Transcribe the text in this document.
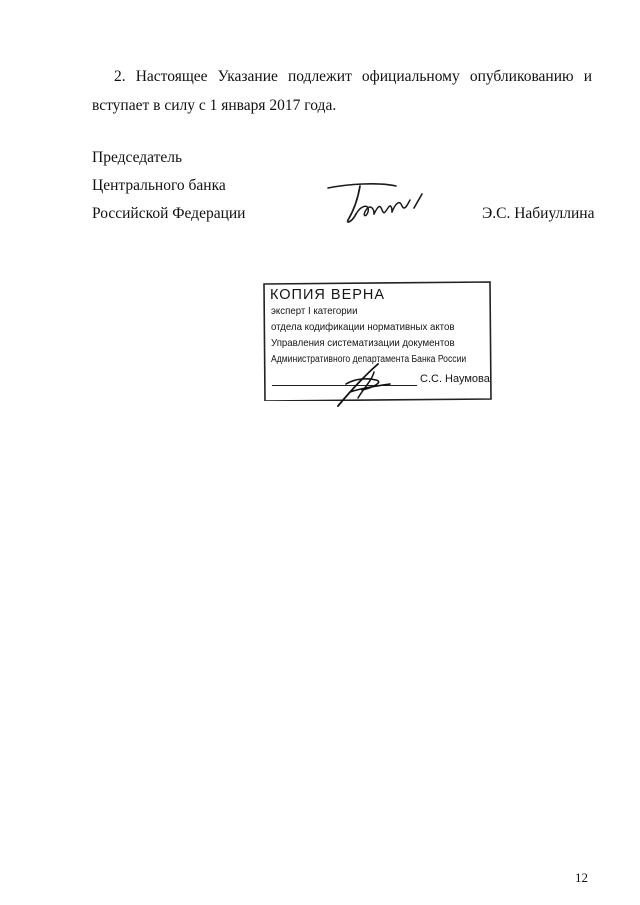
2. Настоящее Указание подлежит официальному опубликованию и вступает в силу с 1 января 2017 года.
Председатель
Центрального банка
Российской Федерации	Э.С. Набиуллина
КОПИЯ ВЕРНА
эксперт I категории
отдела кодификации нормативных актов
Управления систематизации документов
Административного департамента Банка России
С.С. Наумова
12
